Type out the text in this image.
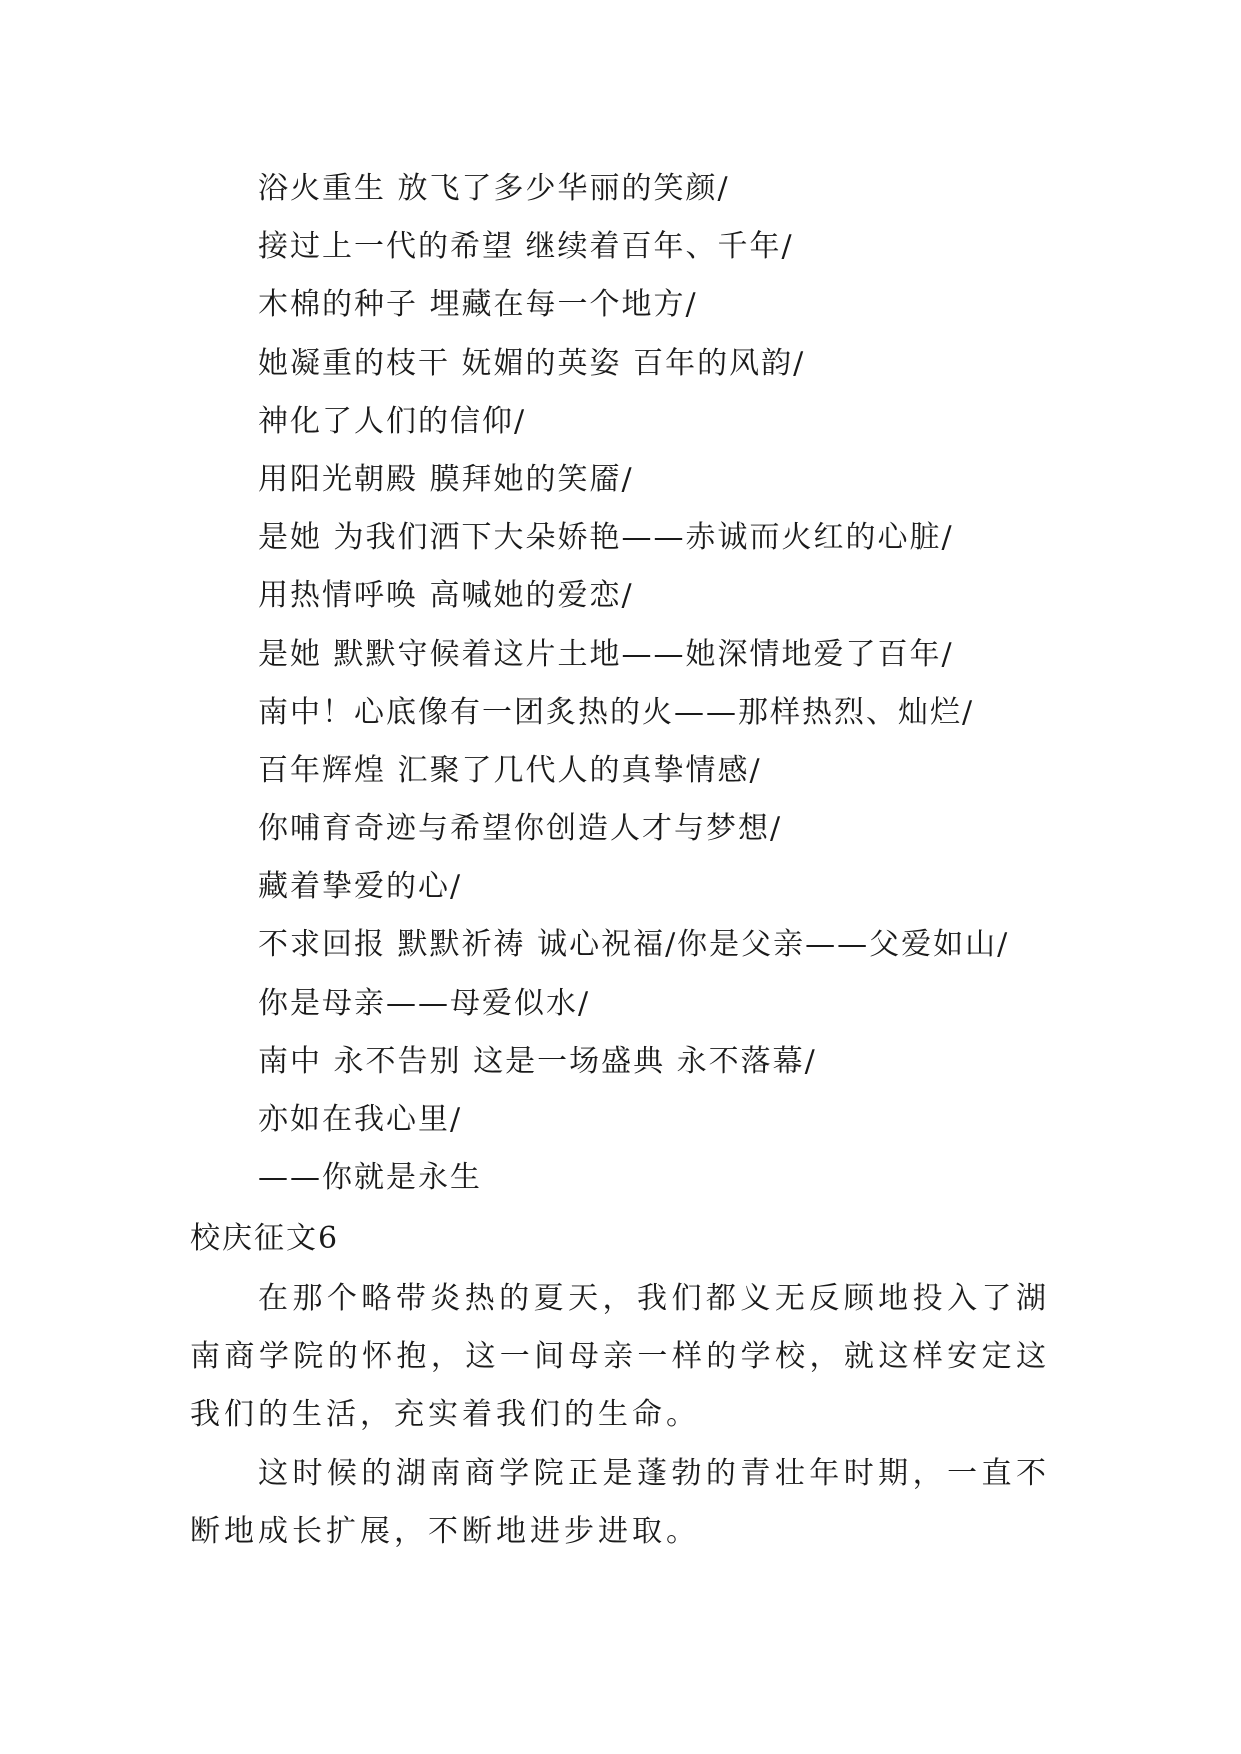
浴火重生 放飞了多少华丽的笑颜/
接过上一代的希望 继续着百年、千年/
木棉的种子 埋藏在每一个地方/
她凝重的枝干 妩媚的英姿 百年的风韵/
神化了人们的信仰/
用阳光朝殿 膜拜她的笑靥/
是她 为我们洒下大朵娇艳——赤诚而火红的心脏/
用热情呼唤 高喊她的爱恋/
是她 默默守候着这片土地——她深情地爱了百年/
南中！心底像有一团炙热的火——那样热烈、灿烂/
百年辉煌 汇聚了几代人的真挚情感/
你哺育奇迹与希望你创造人才与梦想/
藏着挚爱的心/
不求回报 默默祈祷 诚心祝福/你是父亲——父爱如山/
你是母亲——母爱似水/
南中 永不告别 这是一场盛典 永不落幕/
亦如在我心里/
——你就是永生
校庆征文6

在那个略带炎热的夏天，我们都义无反顾地投入了湖南商学院的怀抱，这一间母亲一样的学校，就这样安定这我们的生活，充实着我们的生命。

这时候的湖南商学院正是蓬勃的青壮年时期，一直不断地成长扩展，不断地进步进取。
